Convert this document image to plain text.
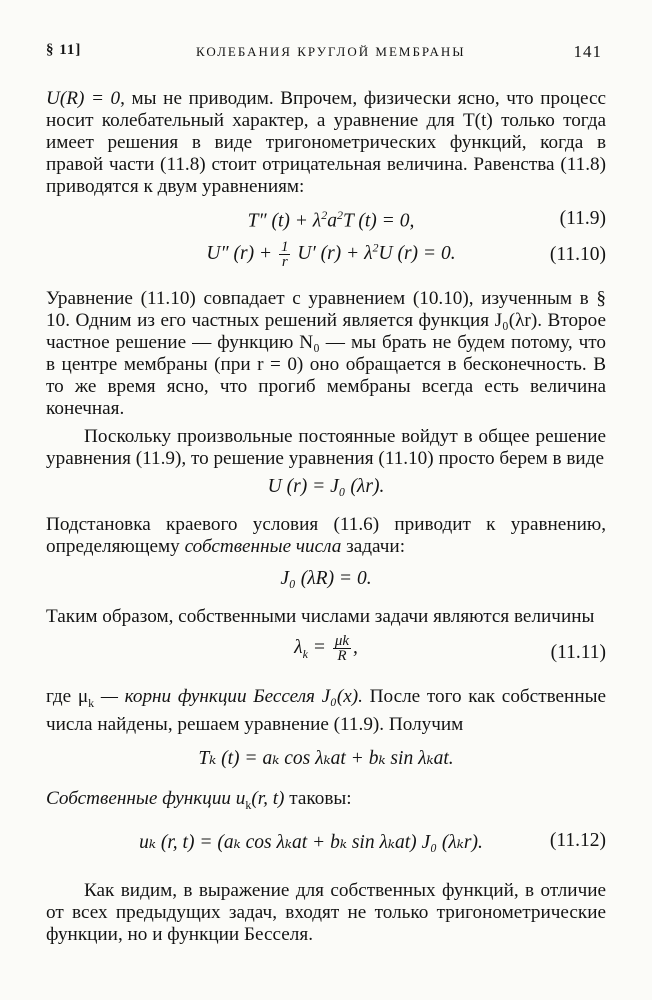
§ 11]	КОЛЕБАНИЯ КРУГЛОЙ МЕМБРАНЫ	141

U(R) = 0, мы не приводим. Впрочем, физически ясно, что процесс носит колебательный характер, а уравнение для T(t) только тогда имеет решения в виде тригонометрических функций, когда в правой части (11.8) стоит отрицательная величина. Равенства (11.8) приводятся к двум уравнениям:

T″ $(t) + \lambda^2a^2T$ (t) = 0,	(11.9)
U″ $(r) + \frac{1}{r} U'$ $(r) + \lambda^2U$ (r) = 0.	(11.10)

Уравнение (11.10) совпадает с уравнением (10.10), изученным в § 10. Одним из его частных решений является функция J₀(λr). Второе частное решение — функцию N₀ — мы брать не будем потому, что в центре мембраны (при r = 0) оно обращается в бесконечность. В то же время ясно, что прогиб мембраны всегда есть величина конечная.

Поскольку произвольные постоянные войдут в общее решение уравнения (11.9), то решение уравнения (11.10) просто берем в виде

U (r) = J₀ (λr).

Подстановка краевого условия (11.6) приводит к уравнению, определяющему собственные числа задачи:

J₀ (λR) = 0.

Таким образом, собственными числами задачи являются величины

$\lambda_k = \frac{\mu k}{R}$ ,	(11.11)

где $\mu_k$ — корни функции Бесселя J₀(x). После того как собственные числа найдены, решаем уравнение (11.9). Получим

Tₖ (t) = aₖ cos λₖat + bₖ sin λₖat.

Собственные функции $u_k(r$, t) таковы:

uₖ (r, t) = (aₖ cos λₖat + bₖ sin λₖat) J₀ (λₖr).	(11.12)

Как видим, в выражение для собственных функций, в отличие от всех предыдущих задач, входят не только тригонометрические функции, но и функции Бесселя.
